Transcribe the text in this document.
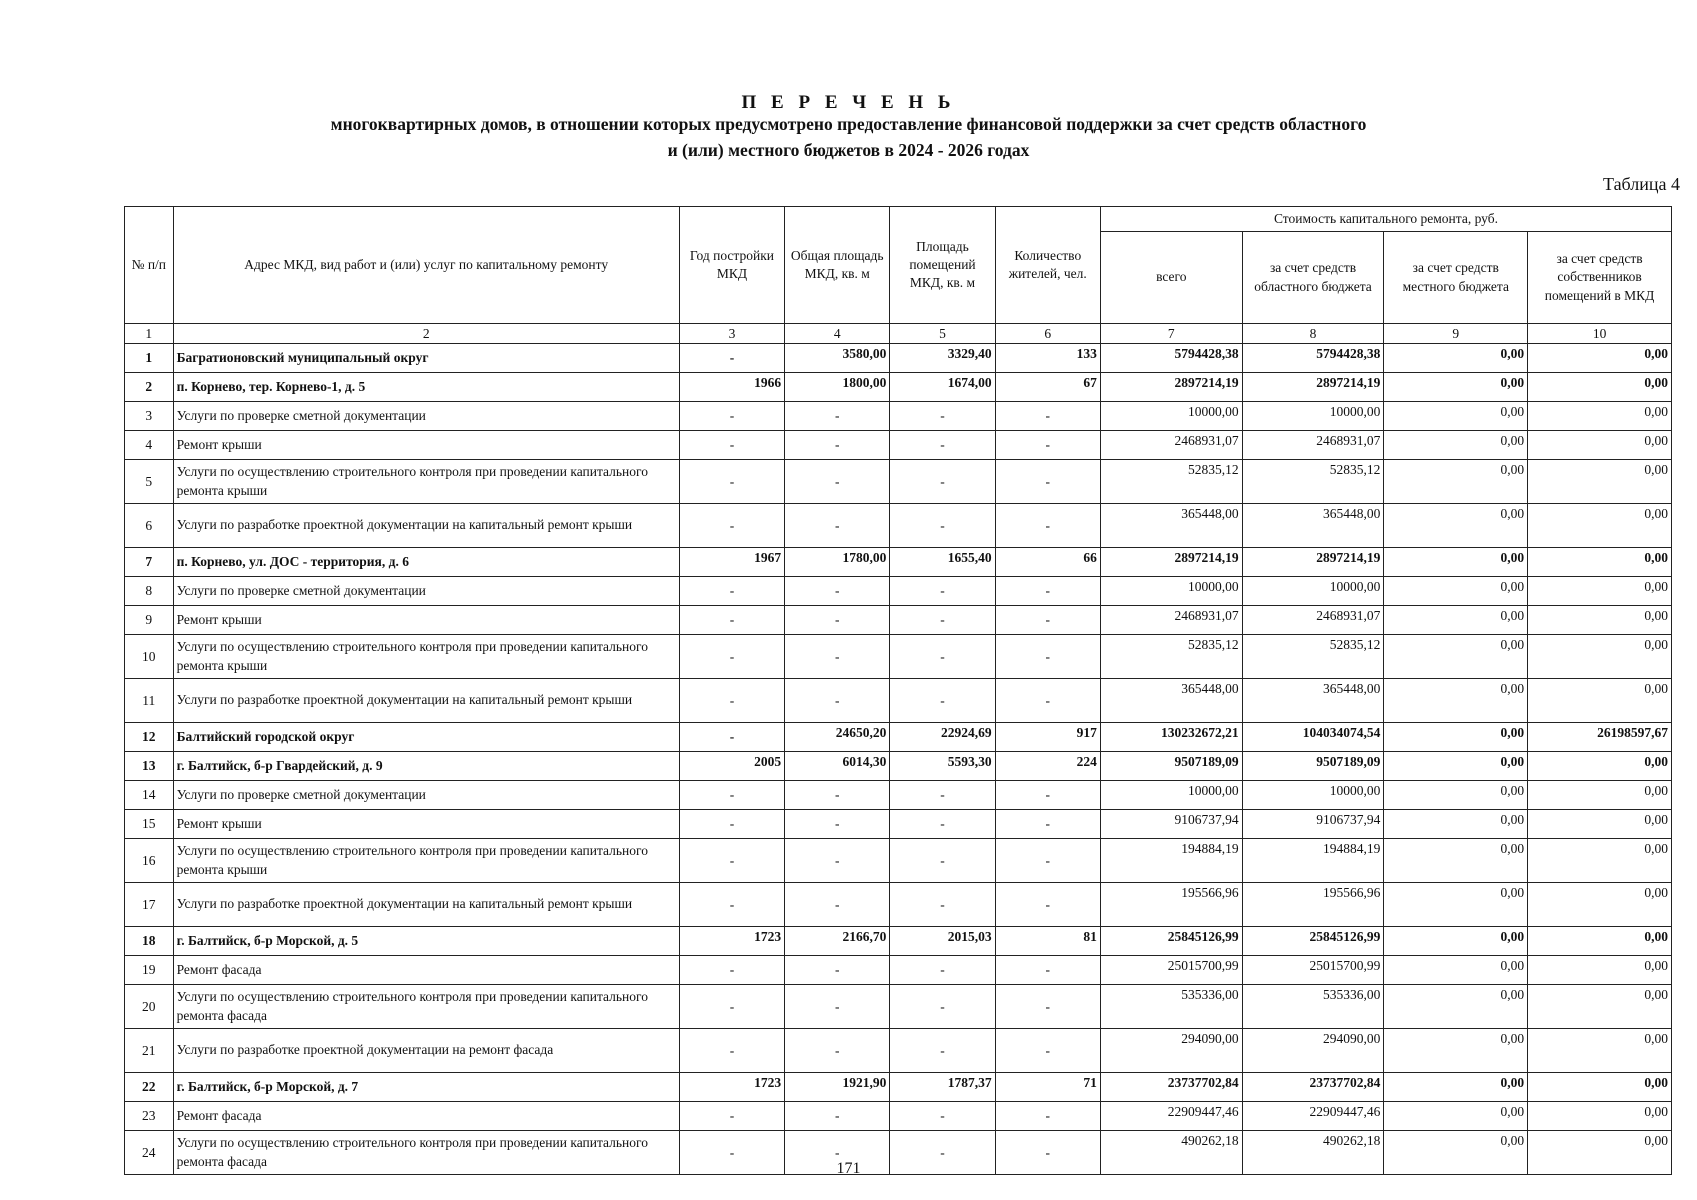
П Е Р Е Ч Е Н Ь
многоквартирных домов, в отношении которых предусмотрено предоставление финансовой поддержки за счет средств областного
и (или) местного бюджетов в 2024 - 2026 годах
Таблица 4
№ п/п	Адрес МКД, вид работ и (или) услуг по капитальному ремонту	Год постройки МКД	Общая площадь МКД, кв. м	Площадь помещений МКД, кв. м	Количество жителей, чел.	Стоимость капитального ремонта, руб.			
						всего	за счет средств областного бюджета	за счет средств местного бюджета	за счет средств собственников помещений в МКД
1	2	3	4	5	6	7	8	9	10
1	Багратионовский муниципальный округ	-	3580,00	3329,40	133	5794428,38	5794428,38	0,00	0,00
2	п. Корнево, тер. Корнево-1, д. 5	1966	1800,00	1674,00	67	2897214,19	2897214,19	0,00	0,00
3	Услуги по проверке сметной документации	-	-	-	-	10000,00	10000,00	0,00	0,00
4	Ремонт крыши	-	-	-	-	2468931,07	2468931,07	0,00	0,00
5	Услуги по осуществлению строительного контроля при проведении капитального ремонта крыши	-	-	-	-	52835,12	52835,12	0,00	0,00
6	Услуги по разработке проектной документации на капитальный ремонт крыши	-	-	-	-	365448,00	365448,00	0,00	0,00
7	п. Корнево, ул. ДОС - территория, д. 6	1967	1780,00	1655,40	66	2897214,19	2897214,19	0,00	0,00
8	Услуги по проверке сметной документации	-	-	-	-	10000,00	10000,00	0,00	0,00
9	Ремонт крыши	-	-	-	-	2468931,07	2468931,07	0,00	0,00
10	Услуги по осуществлению строительного контроля при проведении капитального ремонта крыши	-	-	-	-	52835,12	52835,12	0,00	0,00
11	Услуги по разработке проектной документации на капитальный ремонт крыши	-	-	-	-	365448,00	365448,00	0,00	0,00
12	Балтийский городской округ	-	24650,20	22924,69	917	130232672,21	104034074,54	0,00	26198597,67
13	г. Балтийск, б-р Гвардейский, д. 9	2005	6014,30	5593,30	224	9507189,09	9507189,09	0,00	0,00
14	Услуги по проверке сметной документации	-	-	-	-	10000,00	10000,00	0,00	0,00
15	Ремонт крыши	-	-	-	-	9106737,94	9106737,94	0,00	0,00
16	Услуги по осуществлению строительного контроля при проведении капитального ремонта крыши	-	-	-	-	194884,19	194884,19	0,00	0,00
17	Услуги по разработке проектной документации на капитальный ремонт крыши	-	-	-	-	195566,96	195566,96	0,00	0,00
18	г. Балтийск, б-р Морской, д. 5	1723	2166,70	2015,03	81	25845126,99	25845126,99	0,00	0,00
19	Ремонт фасада	-	-	-	-	25015700,99	25015700,99	0,00	0,00
20	Услуги по осуществлению строительного контроля при проведении капитального ремонта фасада	-	-	-	-	535336,00	535336,00	0,00	0,00
21	Услуги по разработке проектной документации на ремонт фасада	-	-	-	-	294090,00	294090,00	0,00	0,00
22	г. Балтийск, б-р Морской, д. 7	1723	1921,90	1787,37	71	23737702,84	23737702,84	0,00	0,00
23	Ремонт фасада	-	-	-	-	22909447,46	22909447,46	0,00	0,00
24	Услуги по осуществлению строительного контроля при проведении капитального ремонта фасада	-	-	-	-	490262,18	490262,18	0,00	0,00
171
